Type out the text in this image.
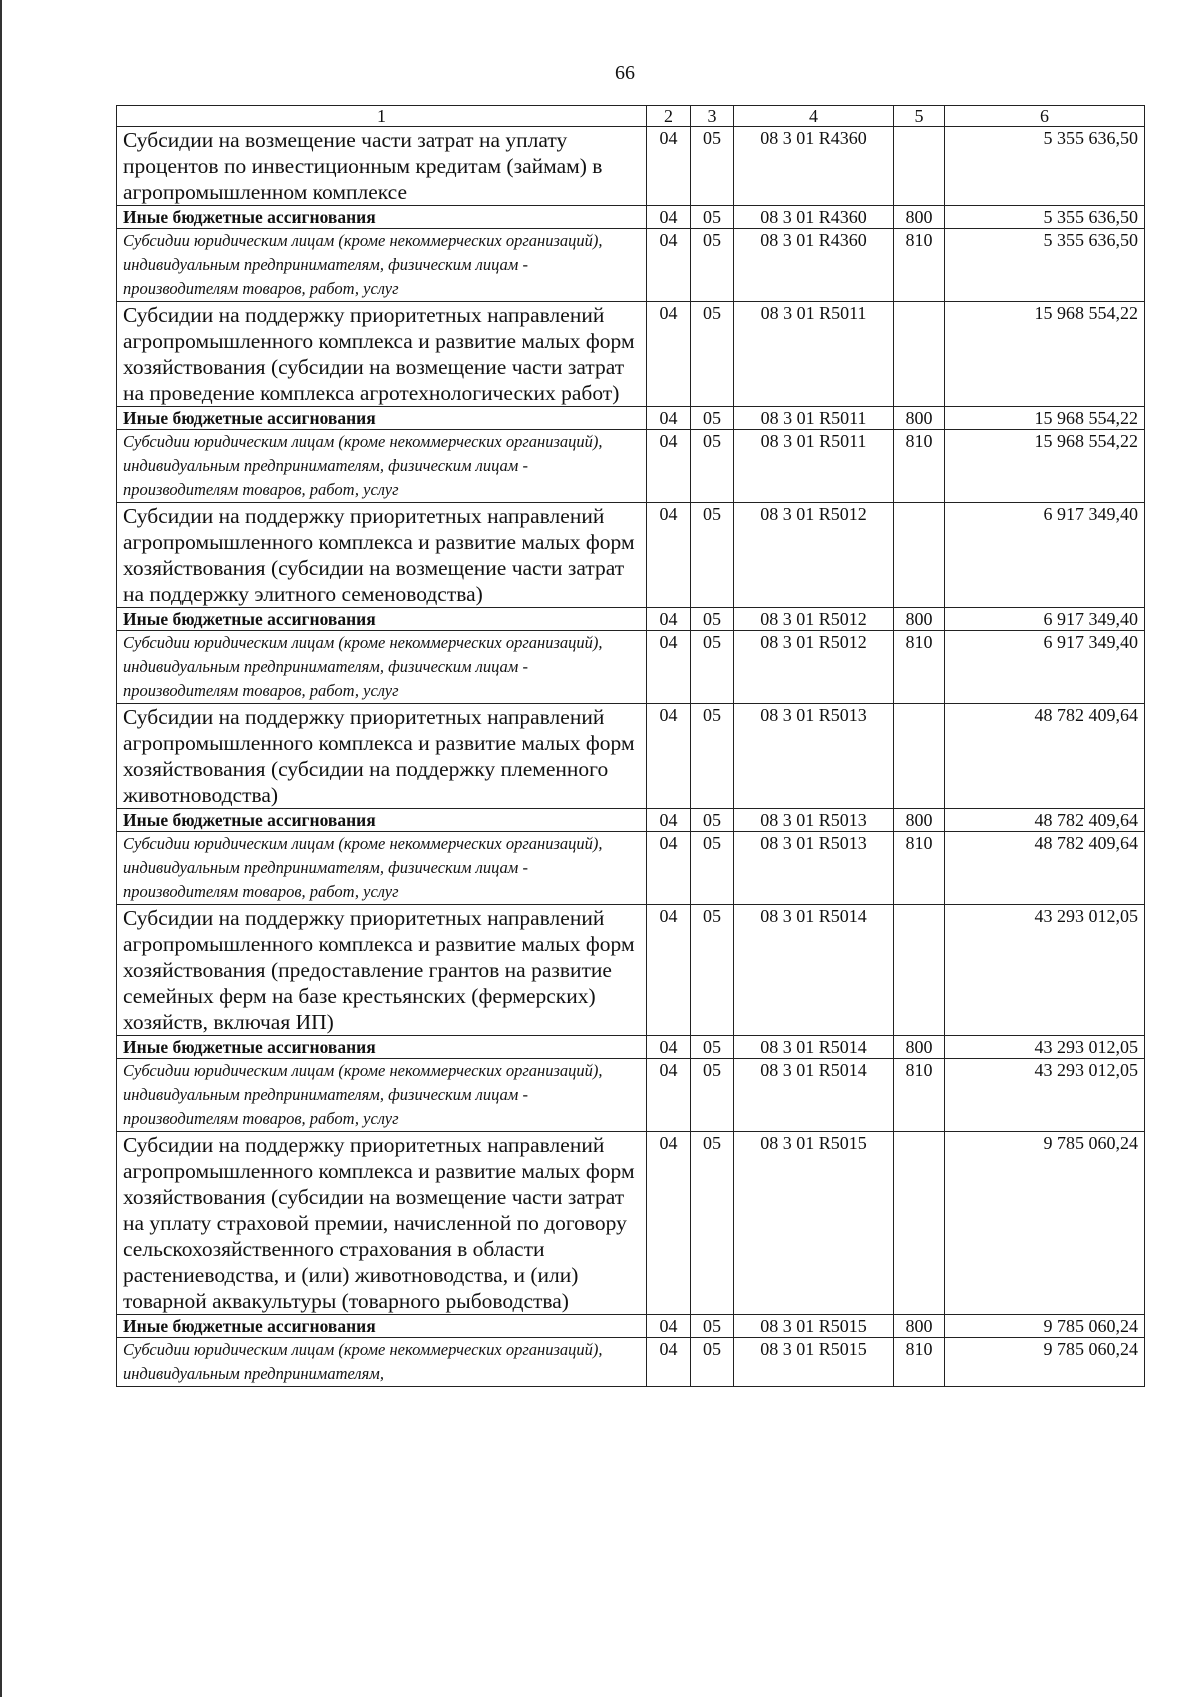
66
1	2	3	4	5	6
Субсидии на возмещение части затрат на уплату процентов по инвестиционным кредитам (займам) в агропромышленном комплексе	04	05	08 3 01 R4360		5 355 636,50
Иные бюджетные ассигнования	04	05	08 3 01 R4360	800	5 355 636,50
Субсидии юридическим лицам (кроме некоммерческих организаций), индивидуальным предпринимателям, физическим лицам - производителям товаров, работ, услуг	04	05	08 3 01 R4360	810	5 355 636,50
Субсидии на поддержку приоритетных направлений агропромышленного комплекса и развитие малых форм хозяйствования (субсидии на возмещение части затрат на проведение комплекса агротехнологических работ)	04	05	08 3 01 R5011		15 968 554,22
Иные бюджетные ассигнования	04	05	08 3 01 R5011	800	15 968 554,22
Субсидии юридическим лицам (кроме некоммерческих организаций), индивидуальным предпринимателям, физическим лицам - производителям товаров, работ, услуг	04	05	08 3 01 R5011	810	15 968 554,22
Субсидии на поддержку приоритетных направлений агропромышленного комплекса и развитие малых форм хозяйствования (субсидии на возмещение части затрат на поддержку элитного семеноводства)	04	05	08 3 01 R5012		6 917 349,40
Иные бюджетные ассигнования	04	05	08 3 01 R5012	800	6 917 349,40
Субсидии юридическим лицам (кроме некоммерческих организаций), индивидуальным предпринимателям, физическим лицам - производителям товаров, работ, услуг	04	05	08 3 01 R5012	810	6 917 349,40
Субсидии на поддержку приоритетных направлений агропромышленного комплекса и развитие малых форм хозяйствования (субсидии на поддержку племенного животноводства)	04	05	08 3 01 R5013		48 782 409,64
Иные бюджетные ассигнования	04	05	08 3 01 R5013	800	48 782 409,64
Субсидии юридическим лицам (кроме некоммерческих организаций), индивидуальным предпринимателям, физическим лицам - производителям товаров, работ, услуг	04	05	08 3 01 R5013	810	48 782 409,64
Субсидии на поддержку приоритетных направлений агропромышленного комплекса и развитие малых форм хозяйствования (предоставление грантов на развитие семейных ферм на базе крестьянских (фермерских) хозяйств, включая ИП)	04	05	08 3 01 R5014		43 293 012,05
Иные бюджетные ассигнования	04	05	08 3 01 R5014	800	43 293 012,05
Субсидии юридическим лицам (кроме некоммерческих организаций), индивидуальным предпринимателям, физическим лицам - производителям товаров, работ, услуг	04	05	08 3 01 R5014	810	43 293 012,05
Субсидии на поддержку приоритетных направлений агропромышленного комплекса и развитие малых форм хозяйствования (субсидии на возмещение части затрат на уплату страховой премии, начисленной по договору сельскохозяйственного страхования в области растениеводства, и (или) животноводства, и (или) товарной аквакультуры (товарного рыбоводства)	04	05	08 3 01 R5015		9 785 060,24
Иные бюджетные ассигнования	04	05	08 3 01 R5015	800	9 785 060,24
Субсидии юридическим лицам (кроме некоммерческих организаций), индивидуальным предпринимателям,	04	05	08 3 01 R5015	810	9 785 060,24
